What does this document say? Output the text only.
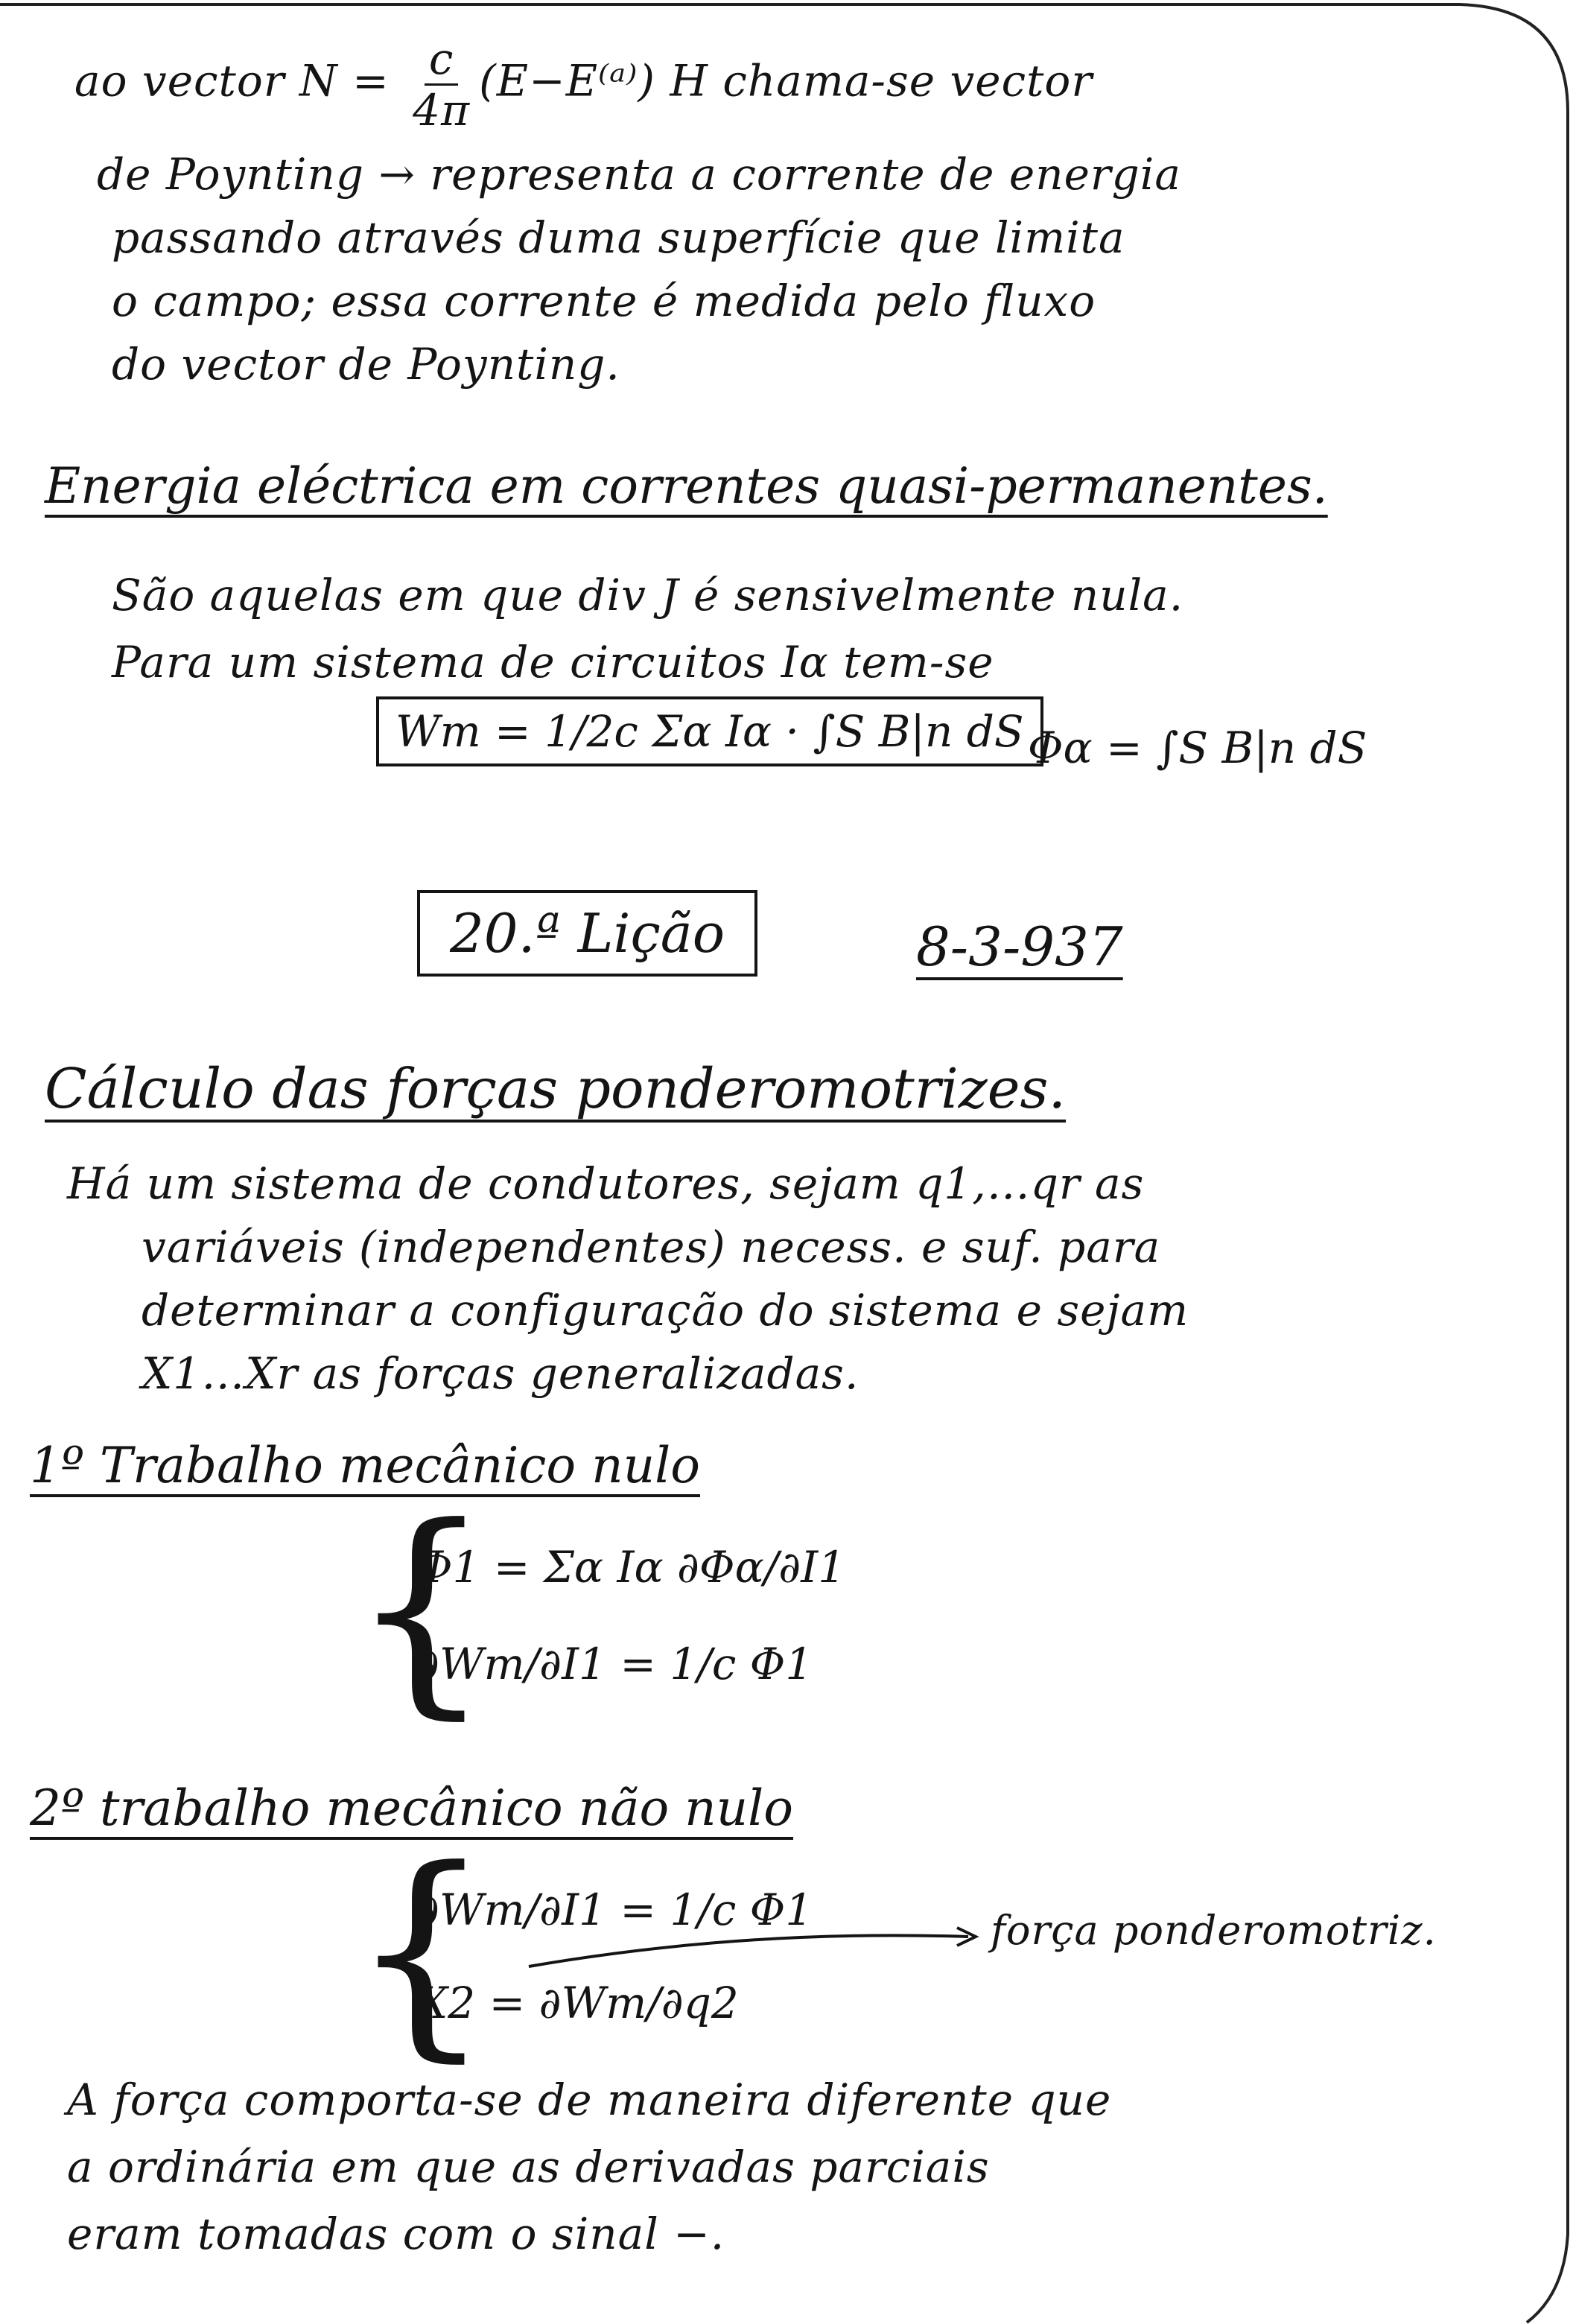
ao vector $N = \frac{c}{4\pi}$ (E−E⁽ᵃ⁾) H chama-se vector
de Poynting → representa a corrente de energia
passando através duma superfície que limita
o campo; essa corrente é medida pelo fluxo
do vector de Poynting.
Energia eléctrica em correntes quasi-permanentes.
São aquelas em que div J é sensivelmente nula.
Para um sistema de circuitos Iα tem-se
Wm = 1/2c Σα Iα · ∫S B|n dS Φα = ∫S B|n dS
20.ª Lição	8-3-937
Cálculo das forças ponderomotrizes.
Há um sistema de condutores, sejam q1,…qr as
variáveis (independentes) necess. e suf. para
determinar a configuração do sistema e sejam
X1…Xr as forças generalizadas.
1º Trabalho mecânico nulo
{
Φ1 = Σα Iα ∂Φα/∂I1
∂Wm/∂I1 = 1/c Φ1
2º trabalho mecânico não nulo
{
∂Wm/∂I1 = 1/c Φ1
X2 = ∂Wm/∂q2
força ponderomotriz.
A força comporta-se de maneira diferente que
a ordinária em que as derivadas parciais
eram tomadas com o sinal −.
